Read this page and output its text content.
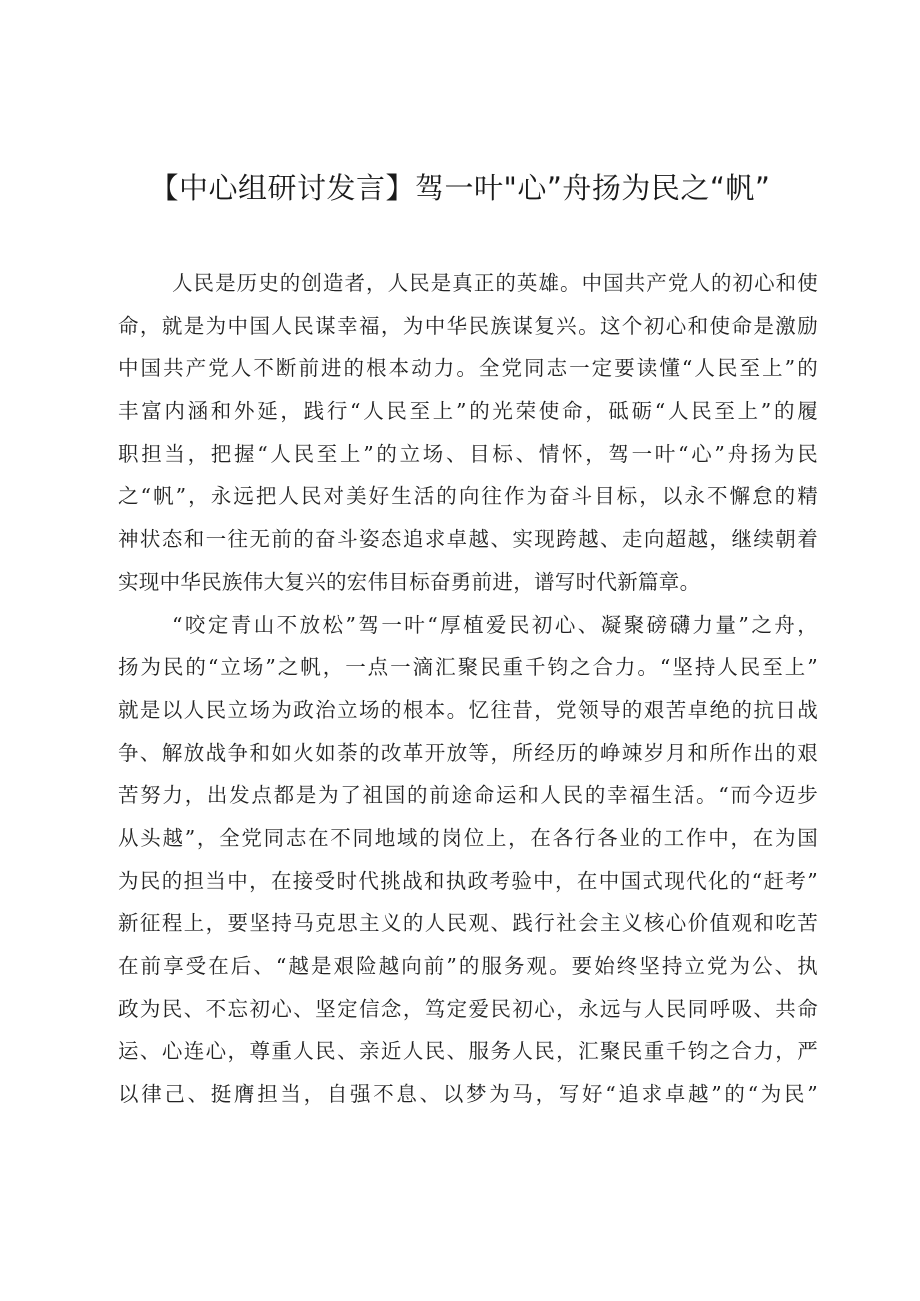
【中心组研讨发言】驾一叶"心”舟扬为民之“帆”
人民是历史的创造者，人民是真正的英雄。中国共产党人的初心和使
命，就是为中国人民谋幸福，为中华民族谋复兴。这个初心和使命是激励
中国共产党人不断前进的根本动力。全党同志一定要读懂“人民至上”的
丰富内涵和外延，践行“人民至上”的光荣使命，砥砺“人民至上”的履
职担当，把握“人民至上”的立场、目标、情怀，驾一叶“心”舟扬为民
之“帆”，永远把人民对美好生活的向往作为奋斗目标，以永不懈怠的精
神状态和一往无前的奋斗姿态追求卓越、实现跨越、走向超越，继续朝着
实现中华民族伟大复兴的宏伟目标奋勇前进，谱写时代新篇章。
“咬定青山不放松”驾一叶“厚植爱民初心、凝聚磅礴力量”之舟，
扬为民的“立场”之帆，一点一滴汇聚民重千钧之合力。“坚持人民至上”
就是以人民立场为政治立场的根本。忆往昔，党领导的艰苦卓绝的抗日战
争、解放战争和如火如荼的改革开放等，所经历的峥竦岁月和所作出的艰
苦努力，出发点都是为了祖国的前途命运和人民的幸福生活。“而今迈步
从头越”，全党同志在不同地域的岗位上，在各行各业的工作中，在为国
为民的担当中，在接受时代挑战和执政考验中，在中国式现代化的“赶考”
新征程上，要坚持马克思主义的人民观、践行社会主义核心价值观和吃苦
在前享受在后、“越是艰险越向前”的服务观。要始终坚持立党为公、执
政为民、不忘初心、坚定信念，笃定爱民初心，永远与人民同呼吸、共命
运、心连心，尊重人民、亲近人民、服务人民，汇聚民重千钧之合力，严
以律己、挺膺担当，自强不息、以梦为马，写好“追求卓越”的“为民”
